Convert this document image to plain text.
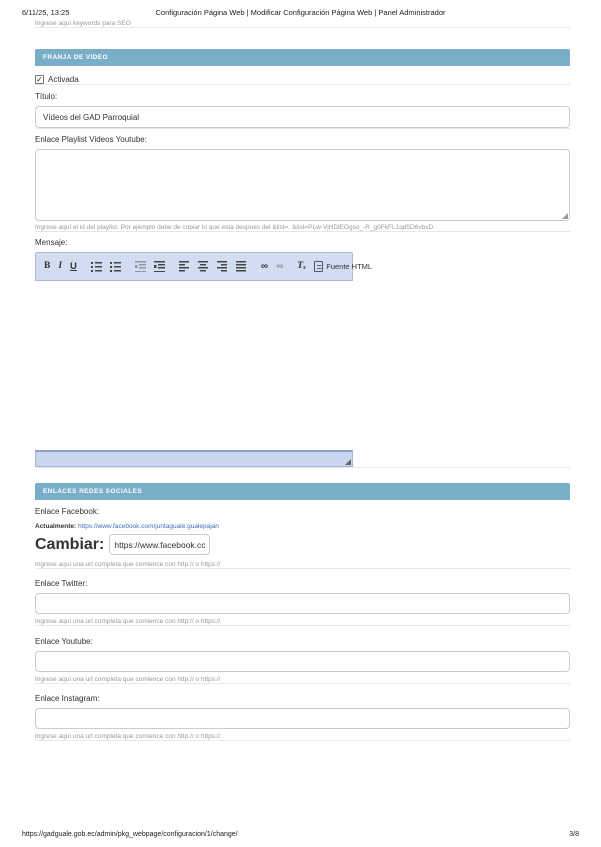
6/11/25, 13:25	Configuración Página Web | Modificar Configuración Página Web | Panel Administrador
Ingrese aquí keywords para SEO
FRANJA DE VIDEO
✓ Activada
Título:
Vídeos del GAD Parroquial
Enlace Playlist Videos Youtube:
Ingrese aquí el id del playlist. Por ejemplo debe de copiar lo que esta despues del &list=. &list=PLw-VjHDlEOgso_-R_g0FkFL1qd5D6vbxD
Mensaje:
B I U	∞ ∞ Tₓ	Fuente HTML
ENLACES REDES SOCIALES
Enlace Facebook:
Actualmente: https://www.facebook.com/juntaguale.gualepajan
Cambiar:
https://www.facebook.com
Ingrese aquí una url completa que comience con http:// o https://
Enlace Twitter:
Ingrese aquí una url completa que comience con http:// o https://
Enlace Youtube:
Ingrese aquí una url completa que comience con http:// o https://
Enlace Instagram:
Ingrese aquí una url completa que comience con http:// o https://
https://gadguale.gob.ec/admin/pkg_webpage/configuracion/1/change/	3/8
